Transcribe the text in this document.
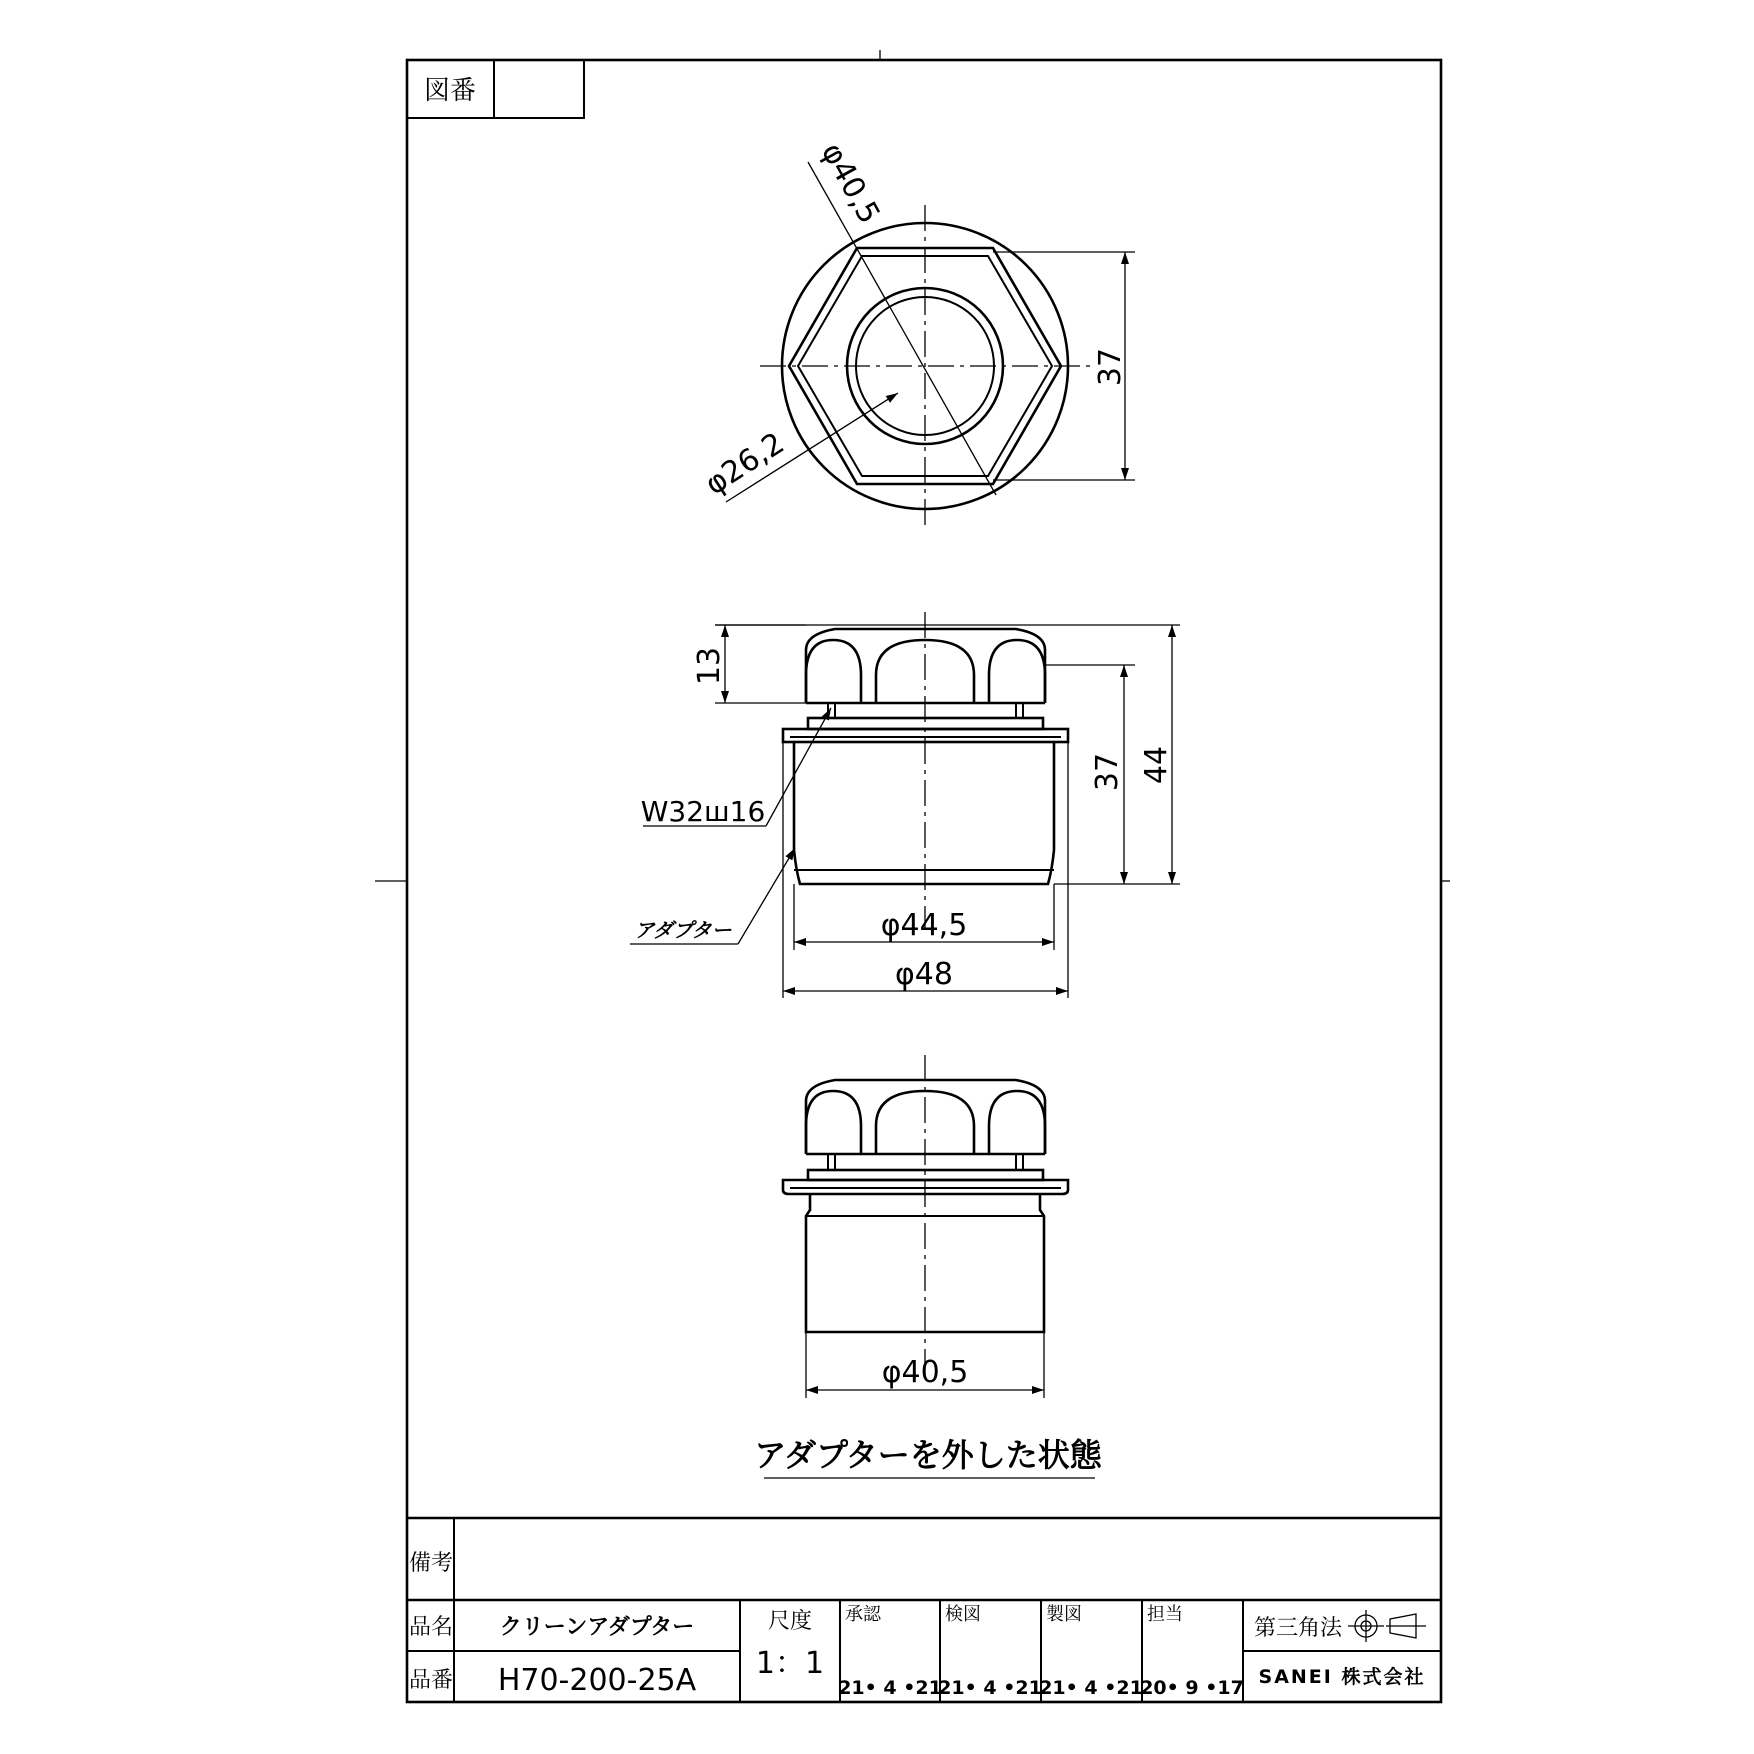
図番
φ40,5
φ26,2
37
13
37 44
φ44,5
φ48
W32ш16
アダプター
φ40,5
アダプターを外した状態
備考
品名 クリーンアダプター
品番 H70-200-25A
尺度
1：1
承認
21• 4 •21
検図
21• 4 •21
製図
21• 4 •21
担当
20• 9 •17
第三角法
SANEI 株式会社
